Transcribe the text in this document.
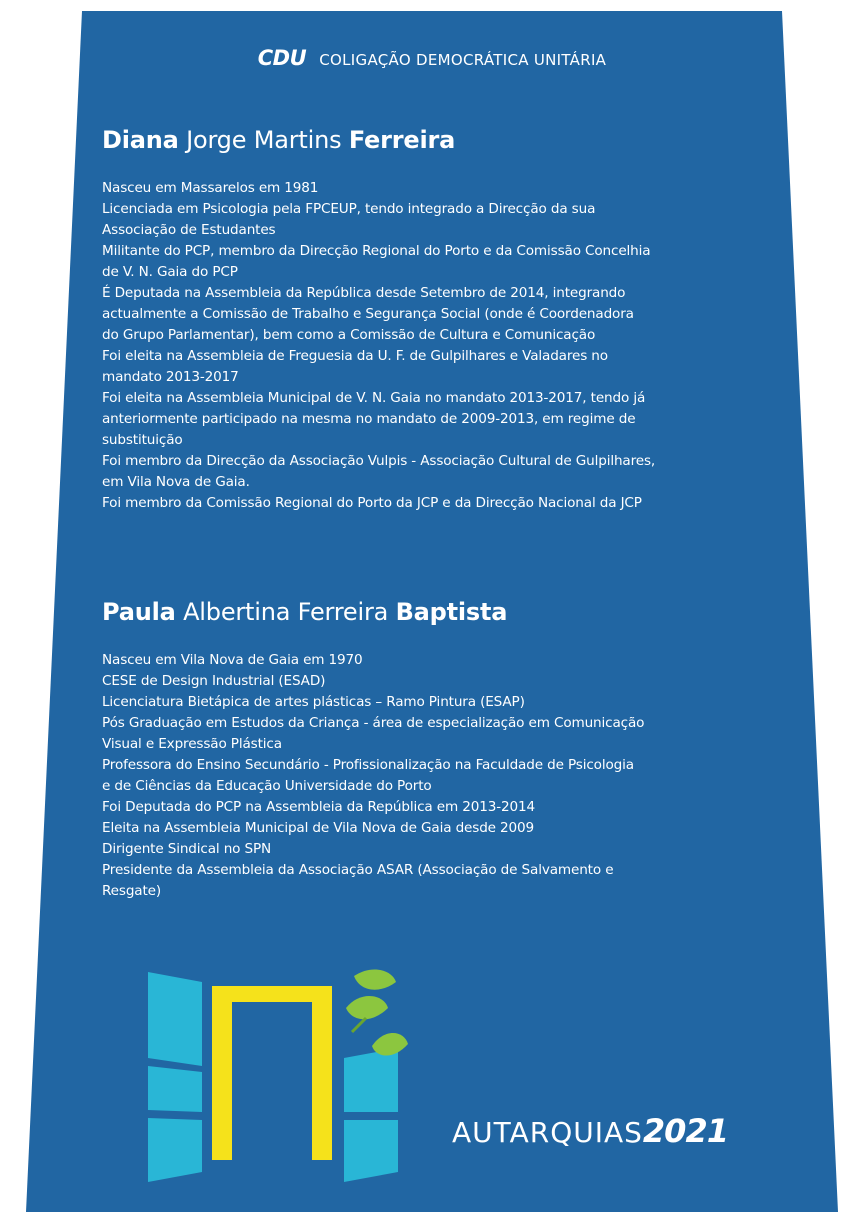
CDU COLIGAÇÃO DEMOCRÁTICA UNITÁRIA
Diana Jorge Martins Ferreira
Nasceu em Massarelos em 1981
Licenciada em Psicologia pela FPCEUP, tendo integrado a Direcção da sua
Associação de Estudantes
Militante do PCP, membro da Direcção Regional do Porto e da Comissão Concelhia
de V. N. Gaia do PCP
É Deputada na Assembleia da República desde Setembro de 2014, integrando
actualmente a Comissão de Trabalho e Segurança Social (onde é Coordenadora
do Grupo Parlamentar), bem como a Comissão de Cultura e Comunicação
Foi eleita na Assembleia de Freguesia da U. F. de Gulpilhares e Valadares no
mandato 2013-2017
Foi eleita na Assembleia Municipal de V. N. Gaia no mandato 2013-2017, tendo já
anteriormente participado na mesma no mandato de 2009-2013, em regime de
substituição
Foi membro da Direcção da Associação Vulpis - Associação Cultural de Gulpilhares,
em Vila Nova de Gaia.
Foi membro da Comissão Regional do Porto da JCP e da Direcção Nacional da JCP
Paula Albertina Ferreira Baptista
Nasceu em Vila Nova de Gaia em 1970
CESE de Design Industrial (ESAD)
Licenciatura Bietápica de artes plásticas – Ramo Pintura (ESAP)
Pós Graduação em Estudos da Criança - área de especialização em Comunicação
Visual e Expressão Plástica
Professora do Ensino Secundário - Profissionalização na Faculdade de Psicologia
e de Ciências da Educação Universidade do Porto
Foi Deputada do PCP na Assembleia da República em 2013-2014
Eleita na Assembleia Municipal de Vila Nova de Gaia desde 2009
Dirigente Sindical no SPN
Presidente da Assembleia da Associação ASAR (Associação de Salvamento e
Resgate)
AUTARQUIAS2021
